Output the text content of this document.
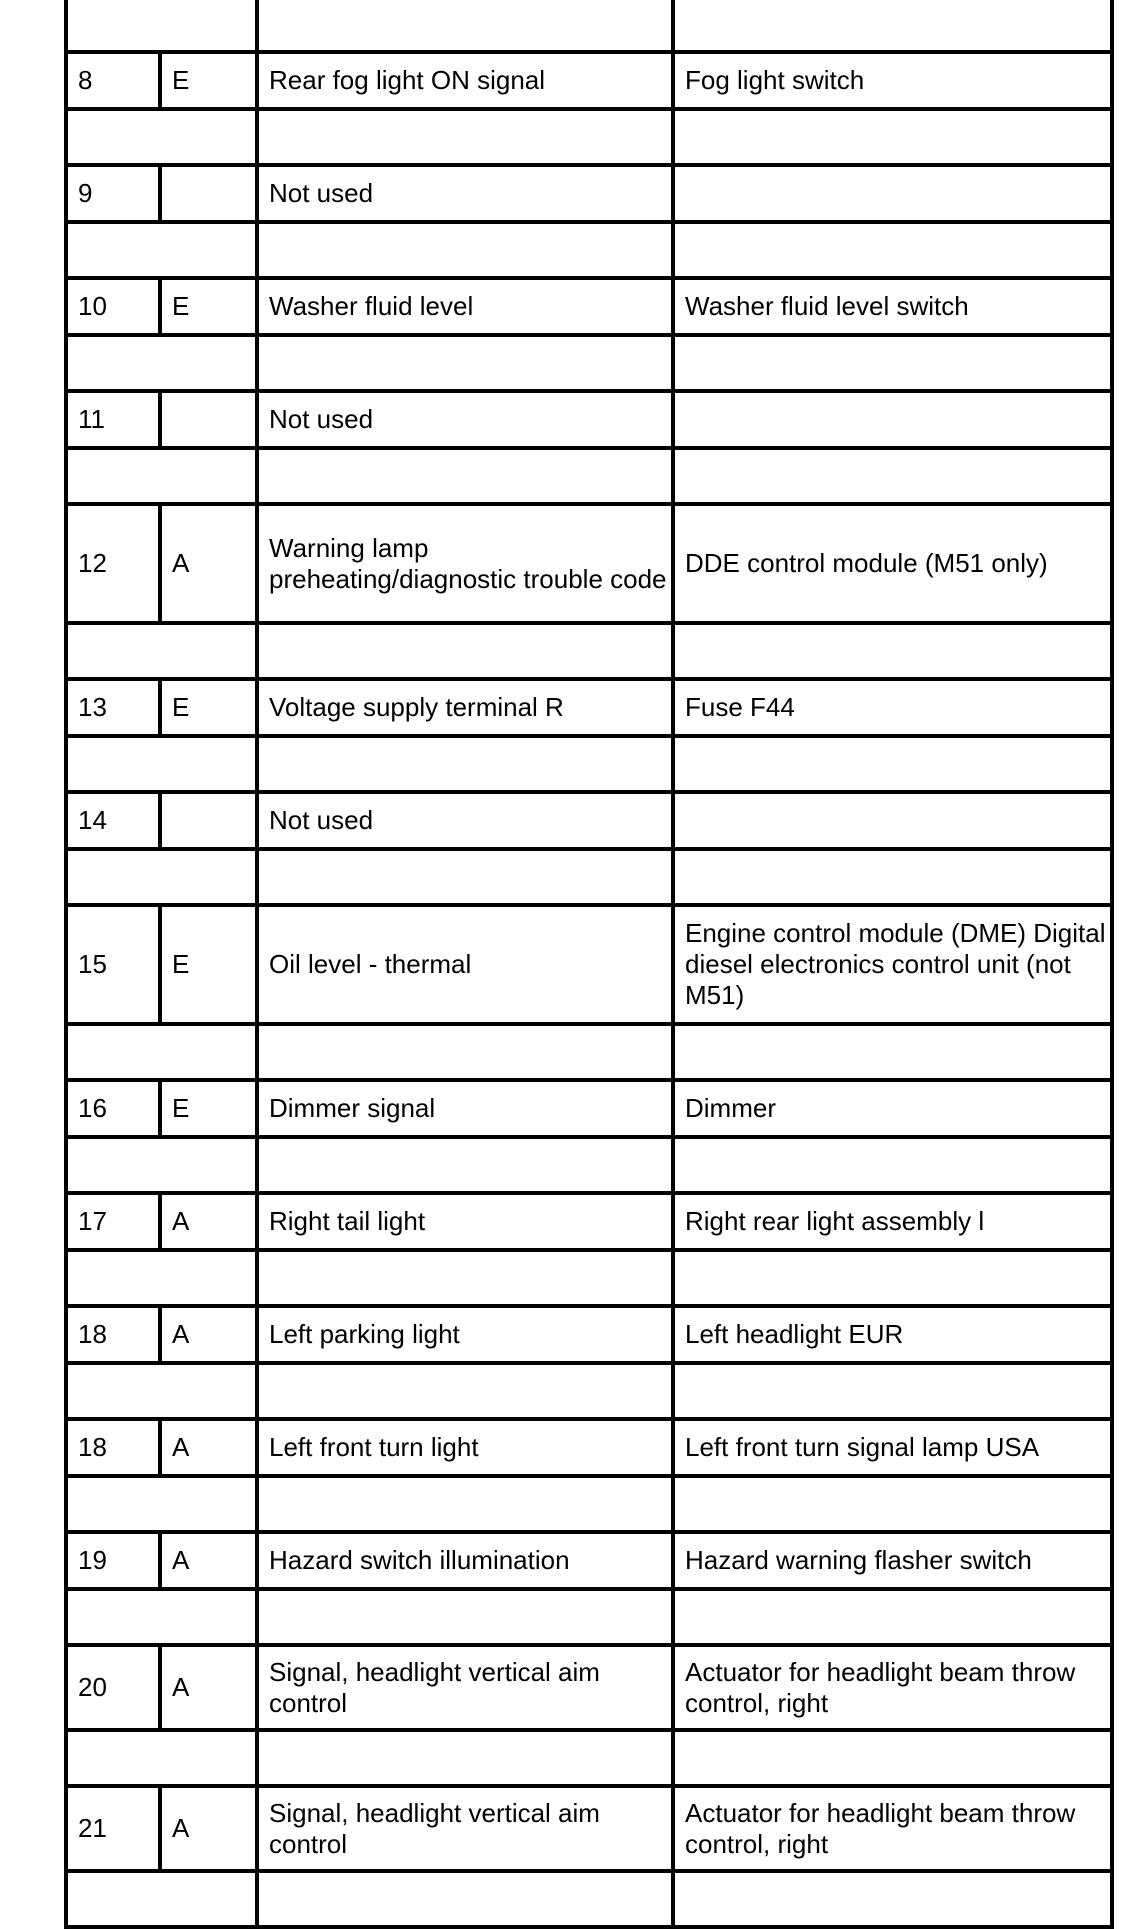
8	E	Rear fog light ON signal	Fog light switch

9		Not used	

10	E	Washer fluid level	Washer fluid level switch

11		Not used	

12	A	Warning lamp preheating/diagnostic trouble code	DDE control module (M51 only)

13	E	Voltage supply terminal R	Fuse F44

14		Not used	

15	E	Oil level - thermal	Engine control module (DME) Digital diesel electronics control unit (not M51)

16	E	Dimmer signal	Dimmer

17	A	Right tail light	Right rear light assembly l

18	A	Left parking light	Left headlight EUR

18	A	Left front turn light	Left front turn signal lamp USA

19	A	Hazard switch illumination	Hazard warning flasher switch

20	A	Signal, headlight vertical aim control	Actuator for headlight beam throw control, right

21	A	Signal, headlight vertical aim control	Actuator for headlight beam throw control, right
